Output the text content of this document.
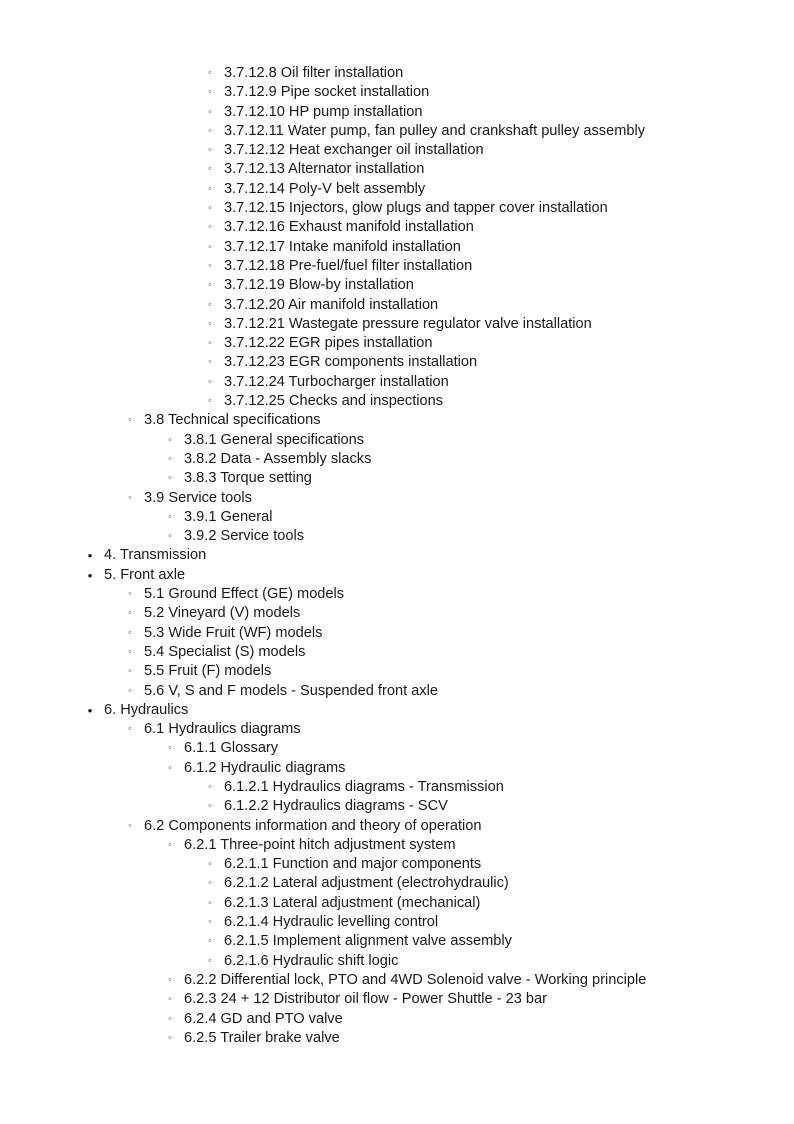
◦ 3.7.12.8 Oil filter installation
◦ 3.7.12.9 Pipe socket installation
◦ 3.7.12.10 HP pump installation
◦ 3.7.12.11 Water pump, fan pulley and crankshaft pulley assembly
◦ 3.7.12.12 Heat exchanger oil installation
◦ 3.7.12.13 Alternator installation
◦ 3.7.12.14 Poly-V belt assembly
◦ 3.7.12.15 Injectors, glow plugs and tapper cover installation
◦ 3.7.12.16 Exhaust manifold installation
◦ 3.7.12.17 Intake manifold installation
◦ 3.7.12.18 Pre-fuel/fuel filter installation
◦ 3.7.12.19 Blow-by installation
◦ 3.7.12.20 Air manifold installation
◦ 3.7.12.21 Wastegate pressure regulator valve installation
◦ 3.7.12.22 EGR pipes installation
◦ 3.7.12.23 EGR components installation
◦ 3.7.12.24 Turbocharger installation
◦ 3.7.12.25 Checks and inspections
◦ 3.8 Technical specifications
◦ 3.8.1 General specifications
◦ 3.8.2 Data - Assembly slacks
◦ 3.8.3 Torque setting
◦ 3.9 Service tools
◦ 3.9.1 General
◦ 3.9.2 Service tools
• 4. Transmission
• 5. Front axle
◦ 5.1 Ground Effect (GE) models
◦ 5.2 Vineyard (V) models
◦ 5.3 Wide Fruit (WF) models
◦ 5.4 Specialist (S) models
◦ 5.5 Fruit (F) models
◦ 5.6 V, S and F models - Suspended front axle
• 6. Hydraulics
◦ 6.1 Hydraulics diagrams
◦ 6.1.1 Glossary
◦ 6.1.2 Hydraulic diagrams
◦ 6.1.2.1 Hydraulics diagrams - Transmission
◦ 6.1.2.2 Hydraulics diagrams - SCV
◦ 6.2 Components information and theory of operation
◦ 6.2.1 Three-point hitch adjustment system
◦ 6.2.1.1 Function and major components
◦ 6.2.1.2 Lateral adjustment (electrohydraulic)
◦ 6.2.1.3 Lateral adjustment (mechanical)
◦ 6.2.1.4 Hydraulic levelling control
◦ 6.2.1.5 Implement alignment valve assembly
◦ 6.2.1.6 Hydraulic shift logic
◦ 6.2.2 Differential lock, PTO and 4WD Solenoid valve - Working principle
◦ 6.2.3 24 + 12 Distributor oil flow - Power Shuttle - 23 bar
◦ 6.2.4 GD and PTO valve
◦ 6.2.5 Trailer brake valve
